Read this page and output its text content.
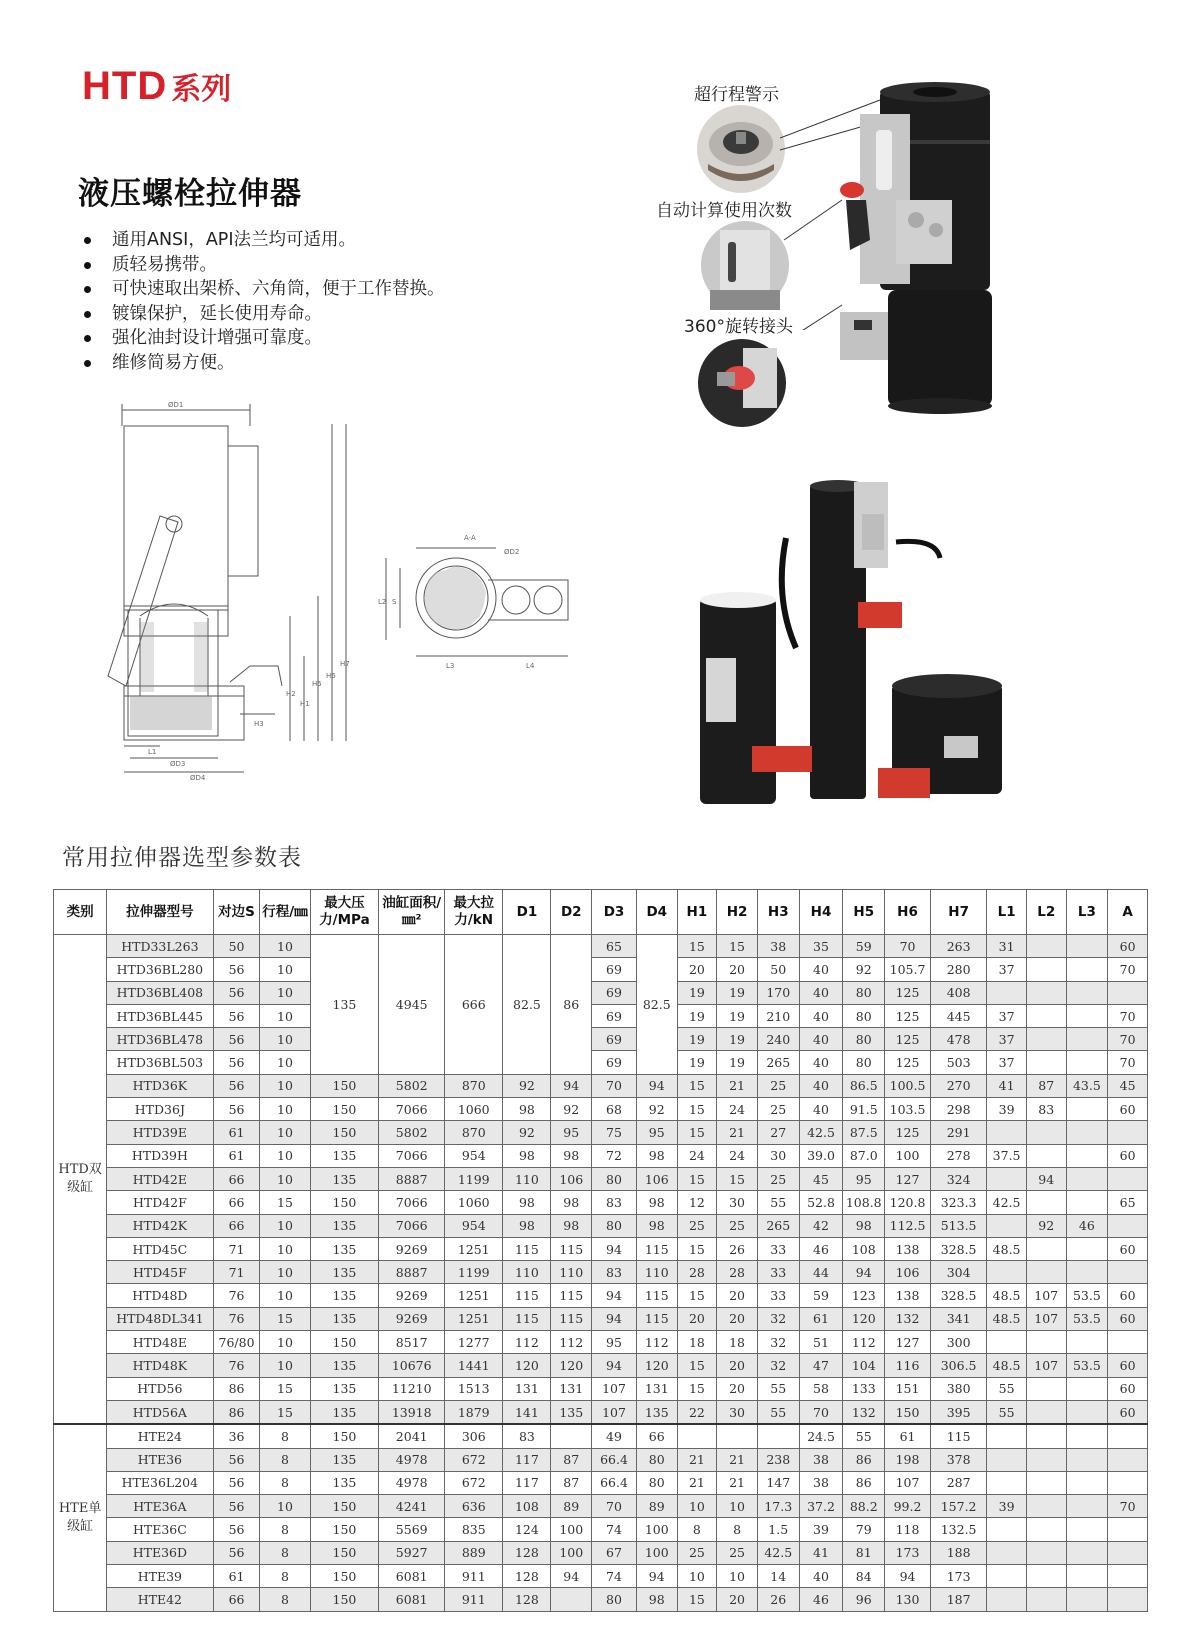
HTD 系列
液压螺栓拉伸器
通用ANSI，API法兰均可适用。
质轻易携带。
可快速取出架桥、六角筒，便于工作替换。
镀镍保护，延长使用寿命。
强化油封设计增强可靠度。
维修简易方便。
超行程警示
自动计算使用次数
360°旋转接头
ØD1
H2
H1
H5
H6
H7
H3
L1
ØD3
ØD4
A-A
ØD2
L2 S
L3	L4
常用拉伸器选型参数表
类别	拉伸器型号	对边S	行程/㎜	最大压力/MPa	油缸面积/㎜²	最大拉力/kN	D1	D2	D3	D4	H1	H2	H3	H4	H5	H6	H7	L1	L2	L3	A
HTD双级缸	HTD33L263	50	10	135	4945	666	82.5	86	65	82.5	15	15	38	35	59	70	263	31			60
	HTD36BL280	56	10						69		20	20	50	40	92	105.7	280	37			70
	HTD36BL408	56	10						69		19	19	170	40	80	125	408				
	HTD36BL445	56	10						69		19	19	210	40	80	125	445	37			70
	HTD36BL478	56	10						69		19	19	240	40	80	125	478	37			70
	HTD36BL503	56	10						69		19	19	265	40	80	125	503	37			70
	HTD36K	56	10	150	5802	870	92	94	70	94	15	21	25	40	86.5	100.5	270	41	87	43.5	45
	HTD36J	56	10	150	7066	1060	98	92	68	92	15	24	25	40	91.5	103.5	298	39	83		60
	HTD39E	61	10	150	5802	870	92	95	75	95	15	21	27	42.5	87.5	125	291				
	HTD39H	61	10	135	7066	954	98	98	72	98	24	24	30	39.0	87.0	100	278	37.5			60
	HTD42E	66	10	135	8887	1199	110	106	80	106	15	15	25	45	95	127	324		94		
	HTD42F	66	15	150	7066	1060	98	98	83	98	12	30	55	52.8	108.8	120.8	323.3	42.5			65
	HTD42K	66	10	135	7066	954	98	98	80	98	25	25	265	42	98	112.5	513.5		92	46	
	HTD45C	71	10	135	9269	1251	115	115	94	115	15	26	33	46	108	138	328.5	48.5			60
	HTD45F	71	10	135	8887	1199	110	110	83	110	28	28	33	44	94	106	304				
	HTD48D	76	10	135	9269	1251	115	115	94	115	15	20	33	59	123	138	328.5	48.5	107	53.5	60
	HTD48DL341	76	15	135	9269	1251	115	115	94	115	20	20	32	61	120	132	341	48.5	107	53.5	60
	HTD48E	76/80	10	150	8517	1277	112	112	95	112	18	18	32	51	112	127	300				
	HTD48K	76	10	135	10676	1441	120	120	94	120	15	20	32	47	104	116	306.5	48.5	107	53.5	60
	HTD56	86	15	135	11210	1513	131	131	107	131	15	20	55	58	133	151	380	55			60
	HTD56A	86	15	135	13918	1879	141	135	107	135	22	30	55	70	132	150	395	55			60
HTE单级缸	HTE24	36	8	150	2041	306	83		49	66				24.5	55	61	115				
	HTE36	56	8	135	4978	672	117	87	66.4	80	21	21	238	38	86	198	378				
	HTE36L204	56	8	135	4978	672	117	87	66.4	80	21	21	147	38	86	107	287				
	HTE36A	56	10	150	4241	636	108	89	70	89	10	10	17.3	37.2	88.2	99.2	157.2	39			70
	HTE36C	56	8	150	5569	835	124	100	74	100	8	8	1.5	39	79	118	132.5				
	HTE36D	56	8	150	5927	889	128	100	67	100	25	25	42.5	41	81	173	188				
	HTE39	61	8	150	6081	911	128	94	74	94	10	10	14	40	84	94	173				
	HTE42	66	8	150	6081	911	128		80	98	15	20	26	46	96	130	187				
